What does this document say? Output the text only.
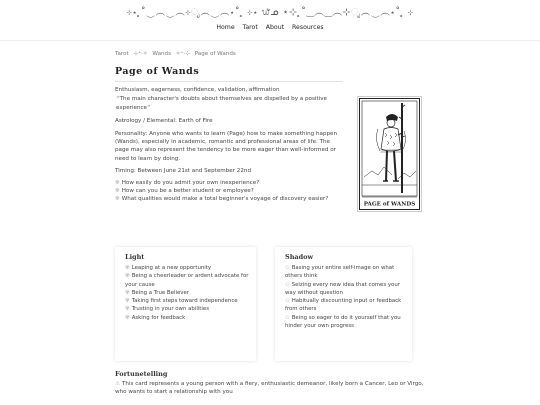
⊹⋆ ̥˚‿︵‿︵⊹ೃ︵‿︵⋆˚ ̥ ⊹⋆ ᭙ᓄ ⋆⊹ ̥˚‿︵‿︵⊹ೃ︵‿︵⋆˚ ̥ ⊹
Home Tarot About Resources
Tarot ⊹⁺·✧ Wands ✧⁺·⊹ Page of Wands
Page of Wands
Enthusiasm, eagerness, confidence, validation, affirmation
“The main character's doubts about themselves are dispelled by a positive experience”
Astrology / Elemental: Earth of Fire
Personality: Anyone who wants to learn (Page) how to make something happen (Wands), especially in academic, romantic and professional areas of life. The page may also represent the tendency to be more eager than well-informed or need to learn by doing.
Timing: Between June 21st and September 22nd
✾ How easily do you admit your own inexperience?
✾ How can you be a better student or employee?
✾ What qualities would make a total beginner's voyage of discovery easier?
PAGE of WANDS
Light
✾ Leaping at a new opportunity
✾ Being a cheerleader or ardent advocate for your cause
✾ Being a True Believer
✾ Taking first steps toward independence
✾ Trusting in your own abilities
✾ Asking for feedback
Shadow
✩ Basing your entire self-image on what others think
✩ Seizing every new idea that comes your way without question
✩ Habitually discounting input or feedback from others
✩ Being so eager to do it yourself that you hinder your own progress
Fortunetelling
⚠ This card represents a young person with a fiery, enthusiastic demeanor, likely born a Cancer, Leo or Virgo, who wants to start a relationship with you
